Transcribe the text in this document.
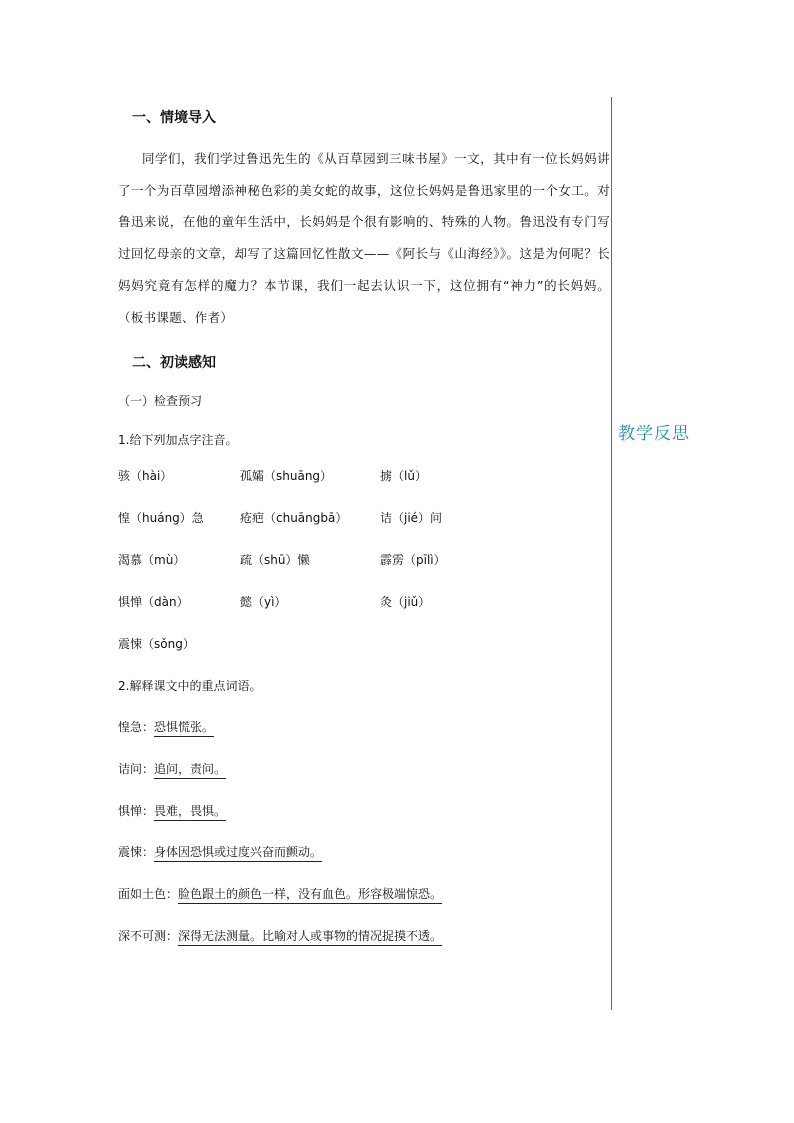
教学反思
一、情境导入
同学们，我们学过鲁迅先生的《从百草园到三味书屋》一文，其中有一位长妈妈讲了一个为百草园增添神秘色彩的美女蛇的故事，这位长妈妈是鲁迅家里的一个女工。对鲁迅来说，在他的童年生活中，长妈妈是个很有影响的、特殊的人物。鲁迅没有专门写过回忆母亲的文章，却写了这篇回忆性散文——《阿长与《山海经》》。这是为何呢？长妈妈究竟有怎样的魔力？本节课，我们一起去认识一下，这位拥有“神力”的长妈妈。（板书课题、作者）
二、初读感知
（一）检查预习
1.给下列加点字注音。
骇（hài）	孤孀（shuāng）	掳（lǔ）
惶（huáng）急	疮疤（chuāngbā）	诘（jié）问
渴慕（mù）	疏（shū）懒	霹雳（pīlì）
惧惮（dàn）	懿（yì）	灸（jiǔ）
震悚（sǒng）
2.解释课文中的重点词语。
惶急：恐惧慌张。
诘问：追问，责问。
惧惮：畏难，畏惧。
震悚：身体因恐惧或过度兴奋而颤动。
面如土色：脸色跟土的颜色一样，没有血色。形容极端惊恐。
深不可测：深得无法测量。比喻对人或事物的情况捉摸不透。
